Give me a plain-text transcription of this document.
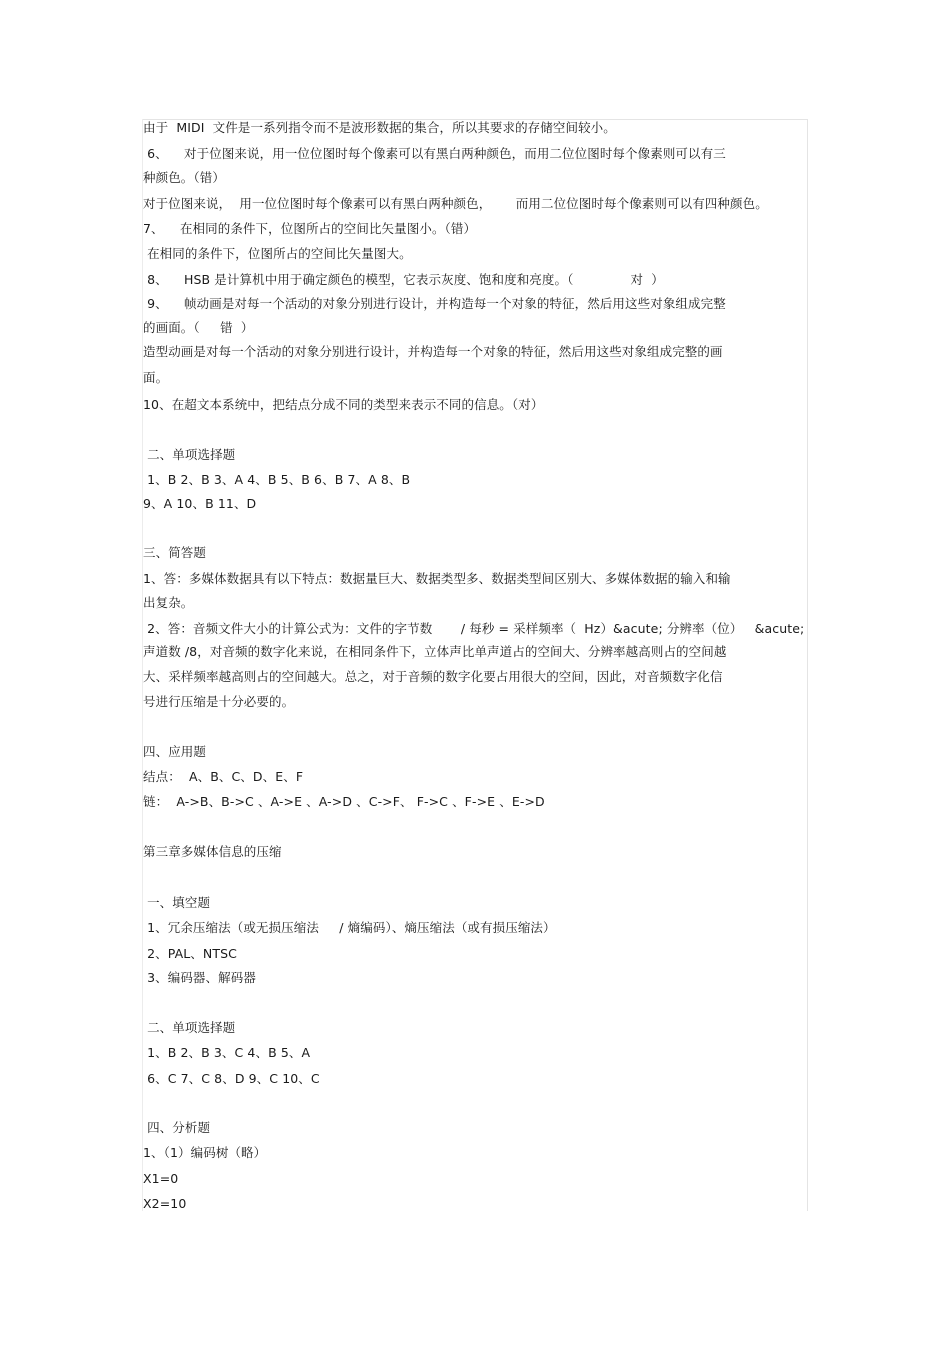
由于  MIDI  文件是一系列指令而不是波形数据的集合，所以其要求的存储空间较小。
6、    对于位图来说，用一位位图时每个像素可以有黑白两种颜色，而用二位位图时每个像素则可以有三
种颜色。（错）
对于位图来说，  用一位位图时每个像素可以有黑白两种颜色，      而用二位位图时每个像素则可以有四种颜色。
7、    在相同的条件下，位图所占的空间比矢量图小。（错）
在相同的条件下，位图所占的空间比矢量图大。
8、    HSB 是计算机中用于确定颜色的模型，它表示灰度、饱和度和亮度。（              对  ）
9、    帧动画是对每一个活动的对象分别进行设计，并构造每一个对象的特征，然后用这些对象组成完整
的画面。（     错  ）
造型动画是对每一个活动的对象分别进行设计，并构造每一个对象的特征，然后用这些对象组成完整的画
面。
10、在超文本系统中，把结点分成不同的类型来表示不同的信息。（对）
二、单项选择题
1、B 2、B 3、A 4、B 5、B 6、B 7、A 8、B
9、A 10、B 11、D
三、简答题
1、答：多媒体数据具有以下特点：数据量巨大、数据类型多、数据类型间区别大、多媒体数据的输入和输
出复杂。
2、答：音频文件大小的计算公式为：文件的字节数       / 每秒 = 采样频率（  Hz）&acute; 分辨率（位）   &acute;
声道数 /8，对音频的数字化来说，在相同条件下，立体声比单声道占的空间大、分辨率越高则占的空间越
大、采样频率越高则占的空间越大。总之，对于音频的数字化要占用很大的空间，因此，对音频数字化信
号进行压缩是十分必要的。
四、应用题
结点：  A、B、C、D、E、F
链：  A->B、B->C 、A->E 、A->D 、C->F、 F->C 、F->E 、E->D
第三章多媒体信息的压缩
一、填空题
1、冗余压缩法（或无损压缩法     / 熵编码）、熵压缩法（或有损压缩法）
2、PAL、NTSC
3、编码器、解码器
二、单项选择题
1、B 2、B 3、C 4、B 5、A
6、C 7、C 8、D 9、C 10、C
四、分析题
1、（1）编码树（略）
X1=0
X2=10
